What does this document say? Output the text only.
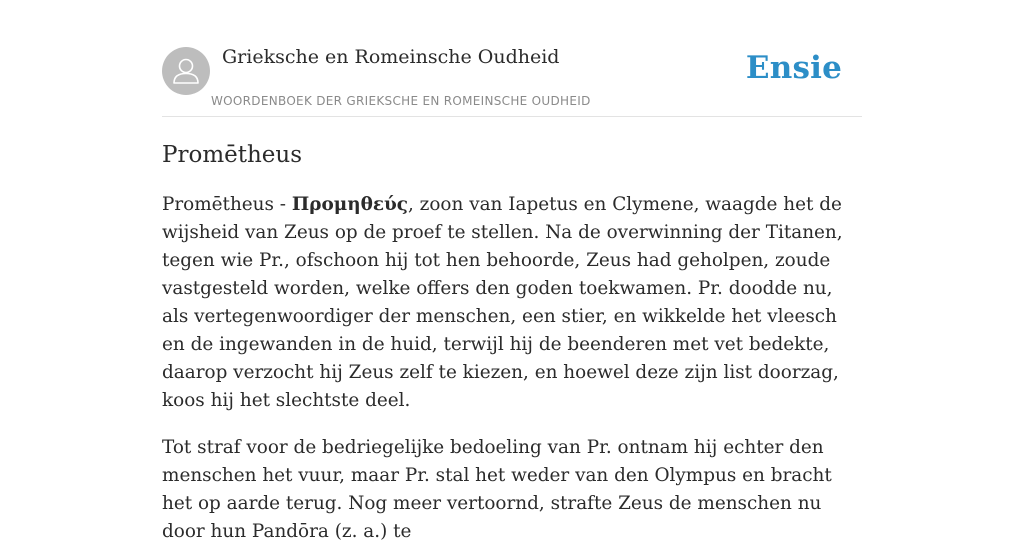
Grieksche en Romeinsche Oudheid
WOORDENBOEK DER GRIEKSCHE EN ROMEINSCHE OUDHEID
Ensie
Promētheus

Promētheus - Προμηθεύς, zoon van Iapetus en Clymene, waagde het de wijsheid van Zeus op de proef te stellen. Na de overwinning der Titanen, tegen wie Pr., ofschoon hij tot hen behoorde, Zeus had geholpen, zoude vastgesteld worden, welke offers den goden toekwamen. Pr. doodde nu, als vertegenwoordiger der menschen, een stier, en wikkelde het vleesch en de ingewanden in de huid, terwijl hij de beenderen met vet bedekte, daarop verzocht hij Zeus zelf te kiezen, en hoewel deze zijn list doorzag, koos hij het slechtste deel.

Tot straf voor de bedriegelijke bedoeling van Pr. ontnam hij echter den menschen het vuur, maar Pr. stal het weder van den Olympus en bracht het op aarde terug. Nog meer vertoornd, strafte Zeus de menschen nu door hun Pandōra (z. a.) te
